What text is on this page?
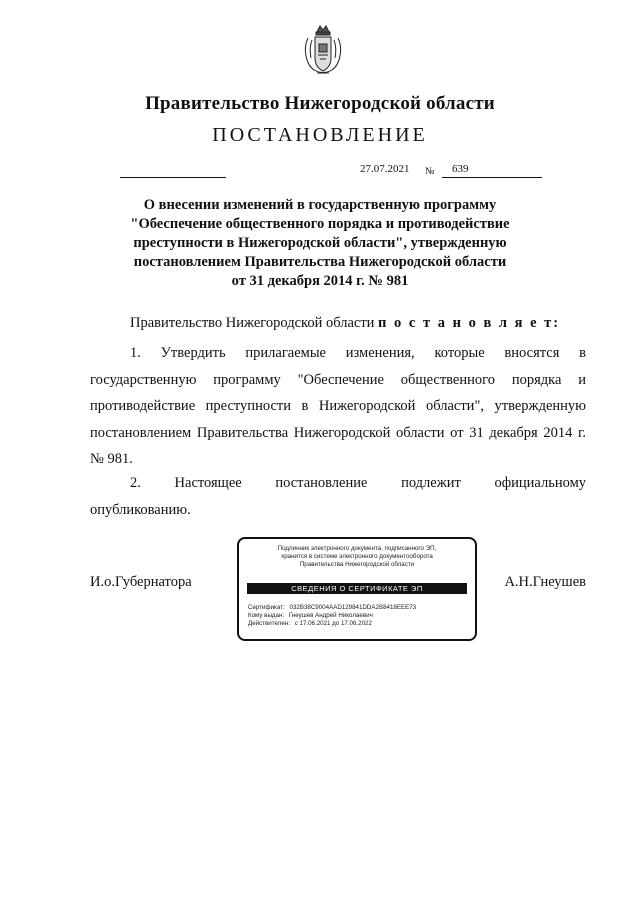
Правительство Нижегородской области
ПОСТАНОВЛЕНИЕ
27.07.2021 № 639
О внесении изменений в государственную программу
"Обеспечение общественного порядка и противодействие
преступности в Нижегородской области", утвержденную
постановлением Правительства Нижегородской области
от 31 декабря 2014 г. № 981
Правительство Нижегородской области п о с т а н о в л я е т:
1. Утвердить прилагаемые изменения, которые вносятся в
государственную программу "Обеспечение общественного порядка и противодействие преступности в Нижегородской области", утвержденную постановлением Правительства Нижегородской области от 31 декабря 2014 г. № 981.
2. Настоящее постановление подлежит официальному
опубликованию.
И.о.Губернатора	А.Н.Гнеушев
Подлинник электронного документа, подписанного ЭП,
хранится в системе электронного документооборота
Правительства Нижегородской области
СВЕДЕНИЯ О СЕРТИФИКАТЕ ЭП
Сертификат: 032B38C9004AAD129841DDA2B8418EEE73
Кому выдан: Гнеушев Андрей Николаевич
Действителен: с 17.06.2021 до 17.06.2022
